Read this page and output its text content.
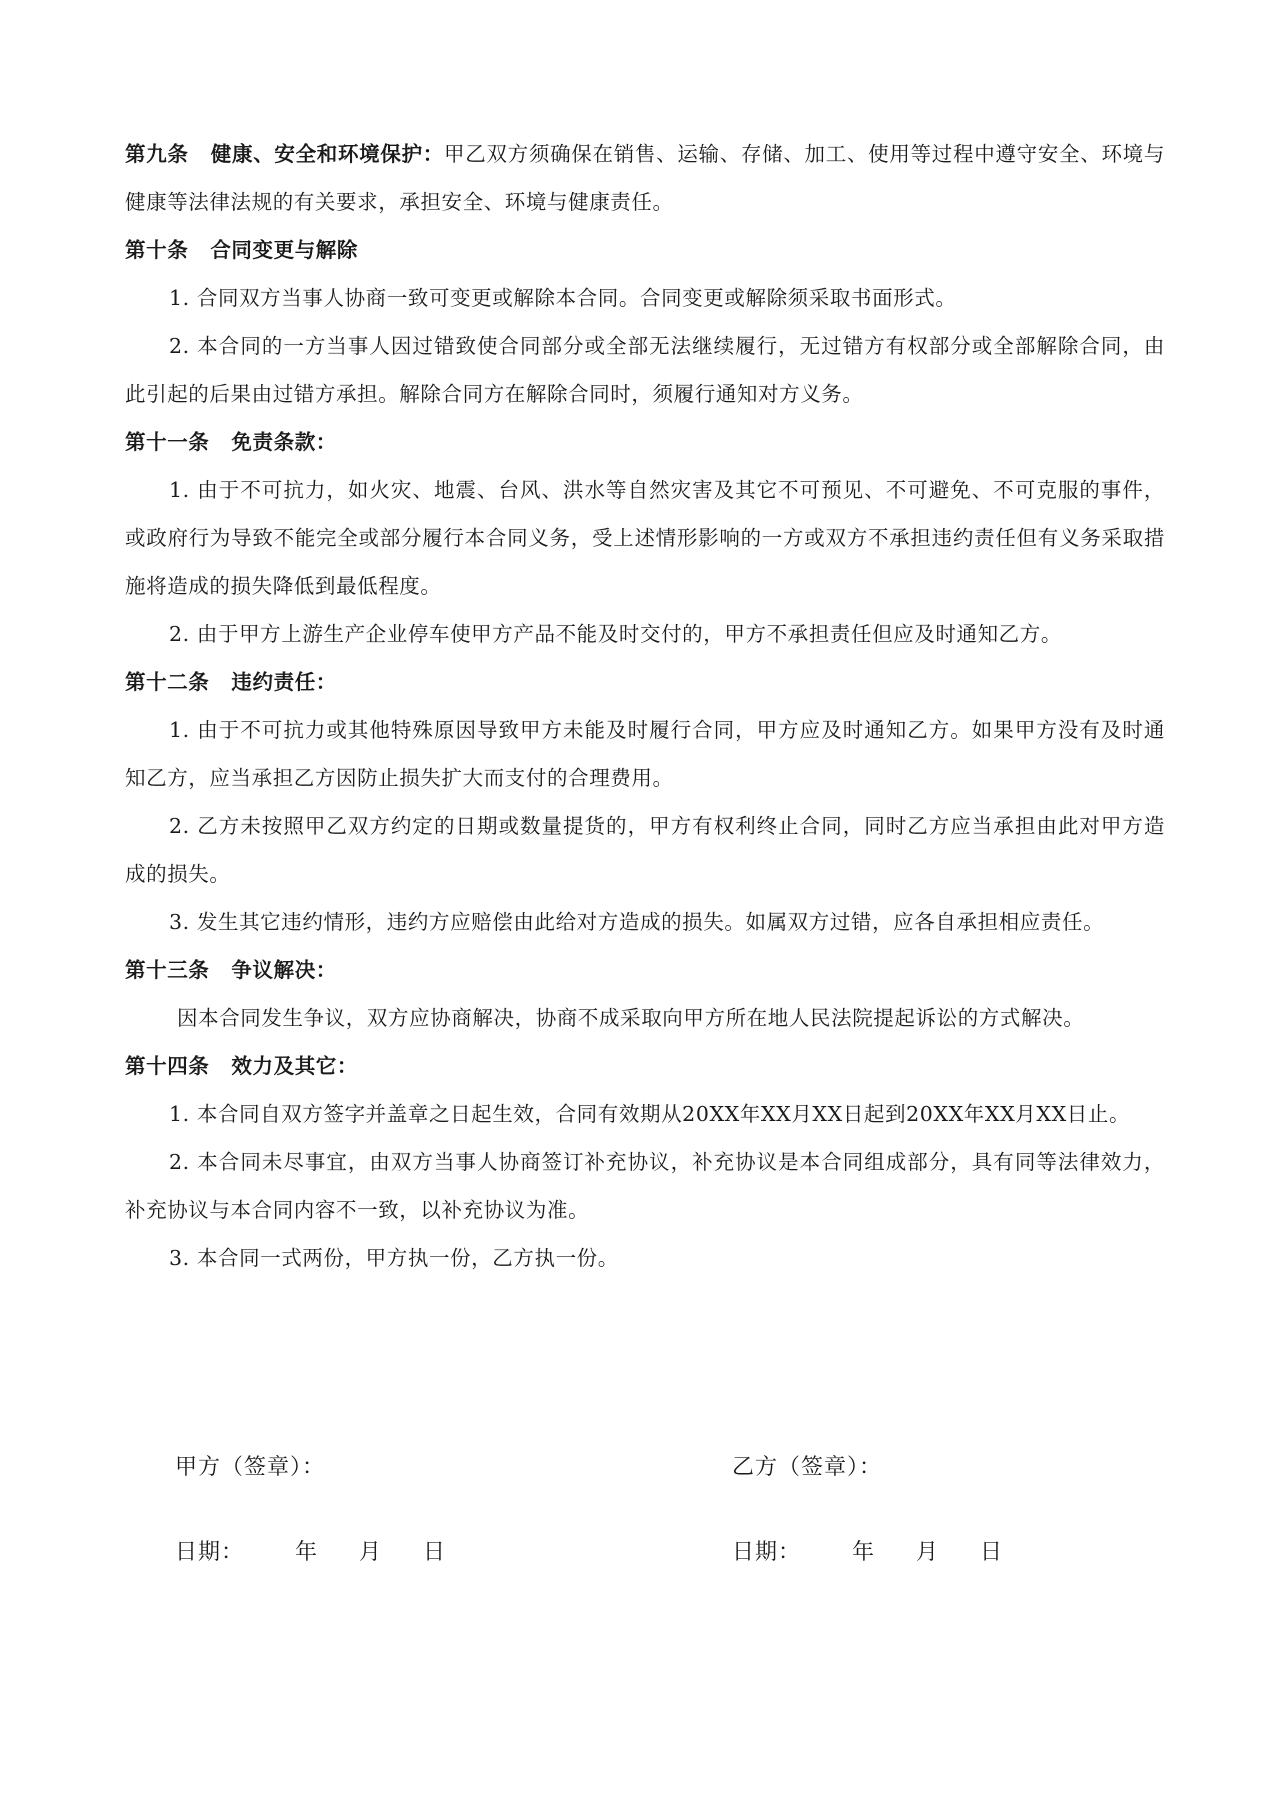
第九条 健康、安全和环境保护：甲乙双方须确保在销售、运输、存储、加工、使用等过程中遵守安全、环境与健康等法律法规的有关要求，承担安全、环境与健康责任。

第十条 合同变更与解除

1. 合同双方当事人协商一致可变更或解除本合同。合同变更或解除须采取书面形式。

2. 本合同的一方当事人因过错致使合同部分或全部无法继续履行，无过错方有权部分或全部解除合同，由此引起的后果由过错方承担。解除合同方在解除合同时，须履行通知对方义务。

第十一条 免责条款：

1. 由于不可抗力，如火灾、地震、台风、洪水等自然灾害及其它不可预见、不可避免、不可克服的事件，或政府行为导致不能完全或部分履行本合同义务，受上述情形影响的一方或双方不承担违约责任但有义务采取措施将造成的损失降低到最低程度。

2. 由于甲方上游生产企业停车使甲方产品不能及时交付的，甲方不承担责任但应及时通知乙方。

第十二条 违约责任：

1. 由于不可抗力或其他特殊原因导致甲方未能及时履行合同，甲方应及时通知乙方。如果甲方没有及时通知乙方，应当承担乙方因防止损失扩大而支付的合理费用。

2. 乙方未按照甲乙双方约定的日期或数量提货的，甲方有权利终止合同，同时乙方应当承担由此对甲方造成的损失。

3. 发生其它违约情形，违约方应赔偿由此给对方造成的损失。如属双方过错，应各自承担相应责任。

第十三条 争议解决：

因本合同发生争议，双方应协商解决，协商不成采取向甲方所在地人民法院提起诉讼的方式解决。

第十四条 效力及其它：

1. 本合同自双方签字并盖章之日起生效，合同有效期从20XX年XX月XX日起到20XX年XX月XX日止。

2. 本合同未尽事宜，由双方当事人协商签订补充协议，补充协议是本合同组成部分，具有同等法律效力，补充协议与本合同内容不一致，以补充协议为准。

3. 本合同一式两份，甲方执一份，乙方执一份。

甲方（签章）：	乙方（签章）：
日期： 年 月 日	日期： 年 月 日
